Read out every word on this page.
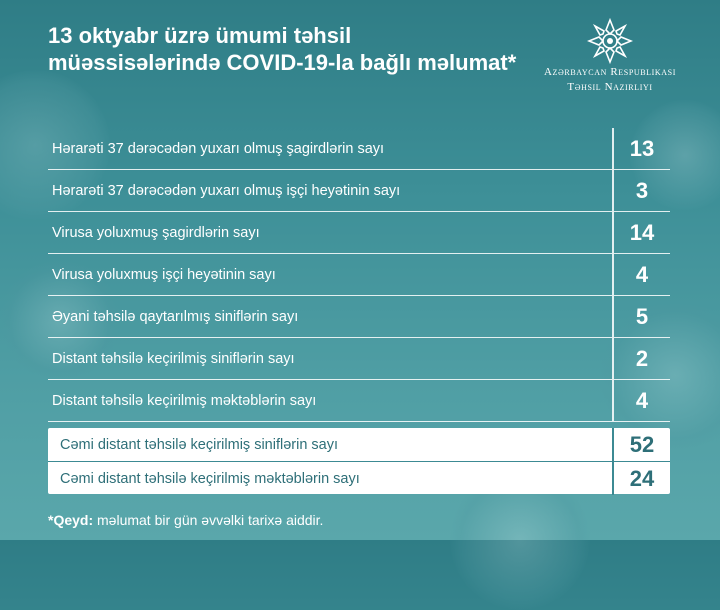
13 oktyabr üzrə ümumi təhsil müəssisələrində COVID-19-la bağlı məlumat*	Azərbaycan Respublikası
Təhsil Nazirliyi
Hərarəti 37 dərəcədən yuxarı olmuş şagirdlərin sayı	13
Hərarəti 37 dərəcədən yuxarı olmuş işçi heyətinin sayı	3
Virusa yoluxmuş şagirdlərin sayı	14
Virusa yoluxmuş işçi heyətinin sayı	4
Əyani təhsilə qaytarılmış siniflərin sayı	5
Distant təhsilə keçirilmiş siniflərin sayı	2
Distant təhsilə keçirilmiş məktəblərin sayı	4
Cəmi distant təhsilə keçirilmiş siniflərin sayı	52
Cəmi distant təhsilə keçirilmiş məktəblərin sayı	24
*Qeyd: məlumat bir gün əvvəlki tarixə aiddir.
